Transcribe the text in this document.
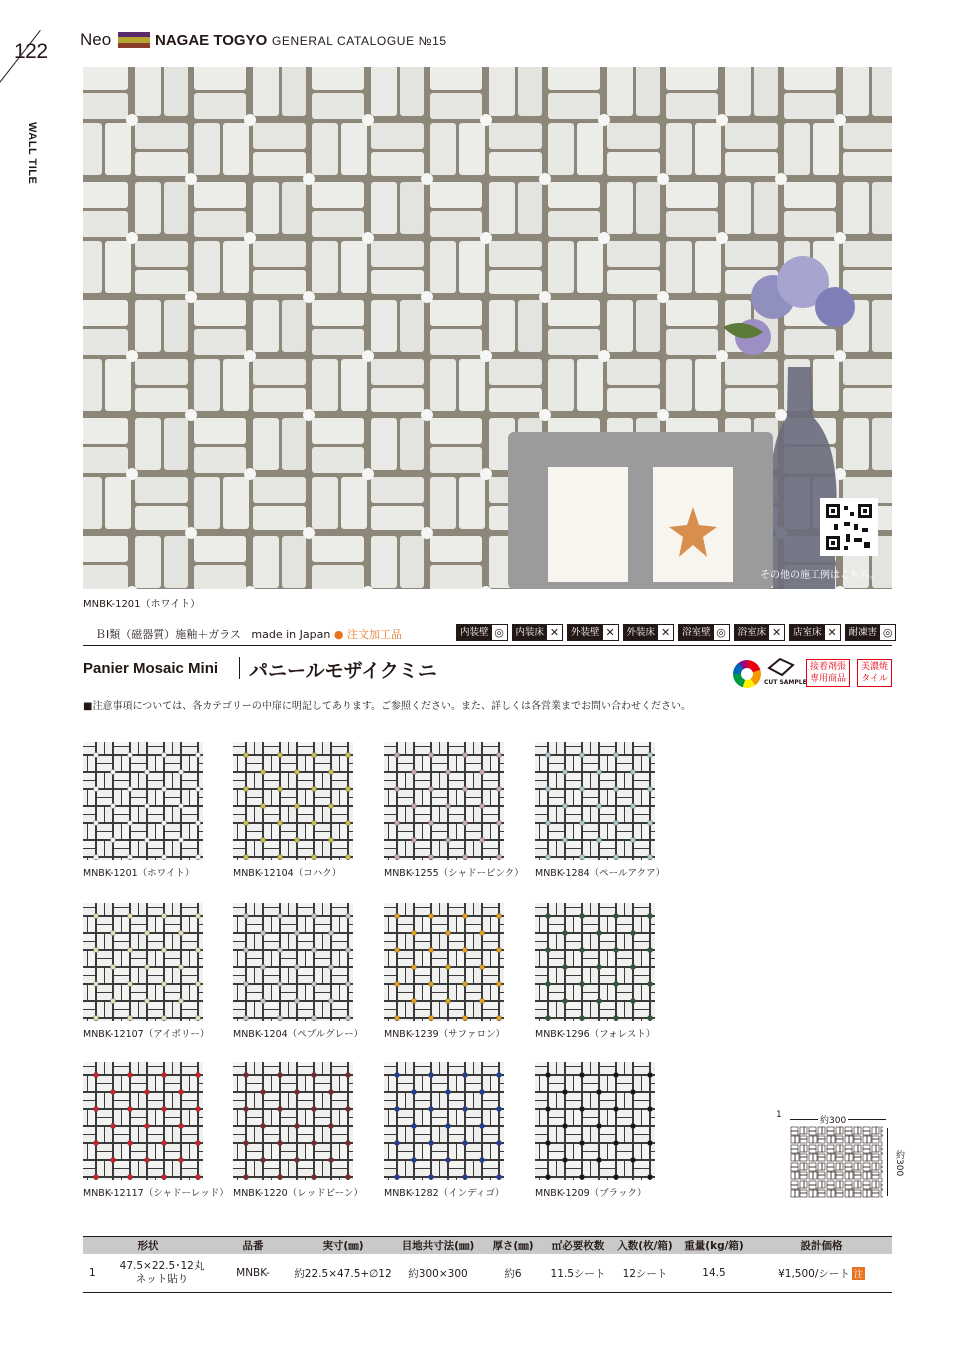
122
Neo	NAGAE TOGYO GENERAL CATALOGUE №15
WALL TILE
その他の施工例はこちら。
MNBK-1201（ホワイト）
ＢⅠ類（磁器質）施釉＋ガラス made in Japan ● 注文加工品	内装壁 ◎	内装床 ✕	外装壁 ✕	外装床 ✕	浴室壁 ◎	浴室床 ✕	店室床 ✕	耐凍害 ◎
Panier Mosaic Mini パニールモザイクミニ
CUT SAMPLE
接着剤張
専用商品
美濃焼
タイル
■注意事項については、各カテゴリーの中扉に明記してあります。ご参照ください。また、詳しくは各営業までお問い合わせください。
MNBK-1201（ホワイト）	MNBK-12104（コハク）	MNBK-1255（シャドーピンク） MNBK-1284（ペールアクア）
MNBK-12107（アイボリー） MNBK-1204（ペブルグレー） MNBK-1239（サファロン）	MNBK-1296（フォレスト）
MNBK-12117（シャドーレッド） MNBK-1220（レッドビーン） MNBK-1282（インディゴ）	MNBK-1209（ブラック）
1
約300
約300
形状	品番	実寸(㎜)	目地共寸法(㎜)	厚さ(㎜)	㎡必要枚数	入数(枚/箱)	重量(kg/箱)	設計価格

1
47.5×22.5･12丸
ネット貼り	MNBK-	約22.5×47.5+∅12	約300×300	約6	11.5シート	12シート	14.5	¥1,500/シート 注
